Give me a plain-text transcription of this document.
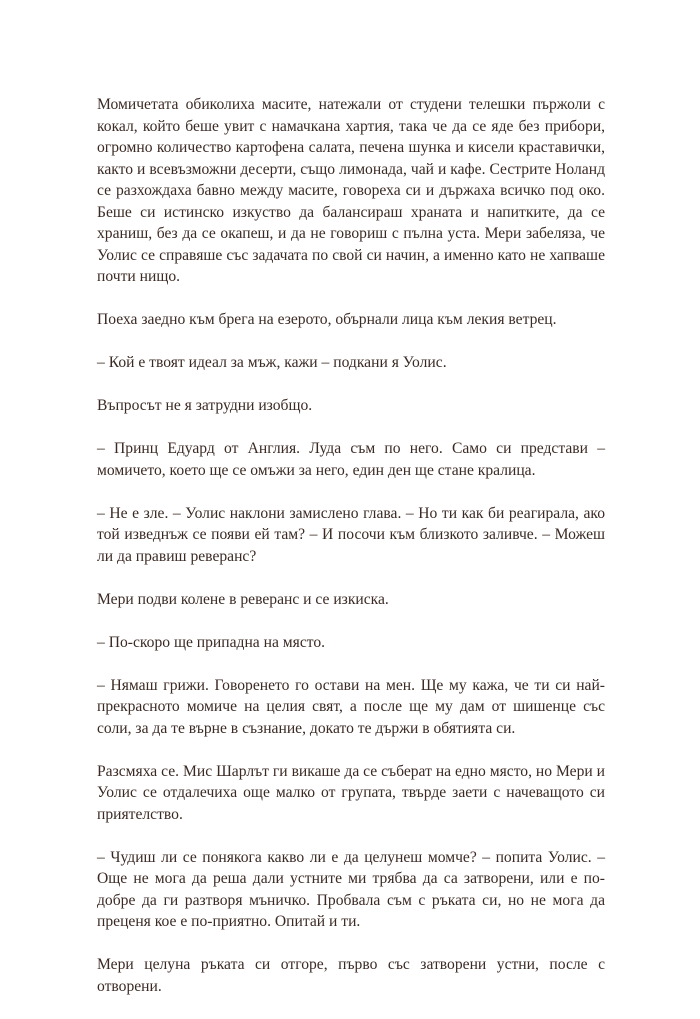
Момичетата обиколиха масите, натежали от студени телешки пържоли с кокал, който беше увит с намачкана хартия, така че да се яде без прибори, огромно количество картофена салата, печена шунка и кисели краставички, както и всевъзможни десерти, също лимонада, чай и кафе. Сестрите Ноланд се разхождаха бавно между масите, говореха си и държаха всичко под око. Беше си истинско изкуство да балансираш храната и напитките, да се храниш, без да се окапеш, и да не говориш с пълна уста. Мери забеляза, че Уолис се справяше със задачата по свой си начин, а именно като не хапваше почти нищо.

Поеха заедно към брега на езерото, обърнали лица към лекия ветрец.

– Кой е твоят идеал за мъж, кажи – подкани я Уолис.

Въпросът не я затрудни изобщо.

– Принц Едуард от Англия. Луда съм по него. Само си представи – момичето, което ще се омъжи за него, един ден ще стане кралица.

– Не е зле. – Уолис наклони замислено глава. – Но ти как би реагирала, ако той изведнъж се появи ей там? – И посочи към близкото заливче. – Можеш ли да правиш реверанс?

Мери подви колене в реверанс и се изкиска.

– По-скоро ще припадна на място.

– Нямаш грижи. Говоренето го остави на мен. Ще му кажа, че ти си най-прекрасното момиче на целия свят, а после ще му дам от шишенце със соли, за да те върне в съзнание, докато те държи в обятията си.

Разсмяха се. Мис Шарлът ги викаше да се съберат на едно място, но Мери и Уолис се отдалечиха още малко от групата, твърде заети с начеващото си приятелство.

– Чудиш ли се понякога какво ли е да целунеш момче? – попита Уолис. – Още не мога да реша дали устните ми трябва да са затворени, или е по-добре да ги разтворя мъничко. Пробвала съм с ръката си, но не мога да преценя кое е по-приятно. Опитай и ти.

Мери целуна ръката си отгоре, първо със затворени устни, после с отворени.
